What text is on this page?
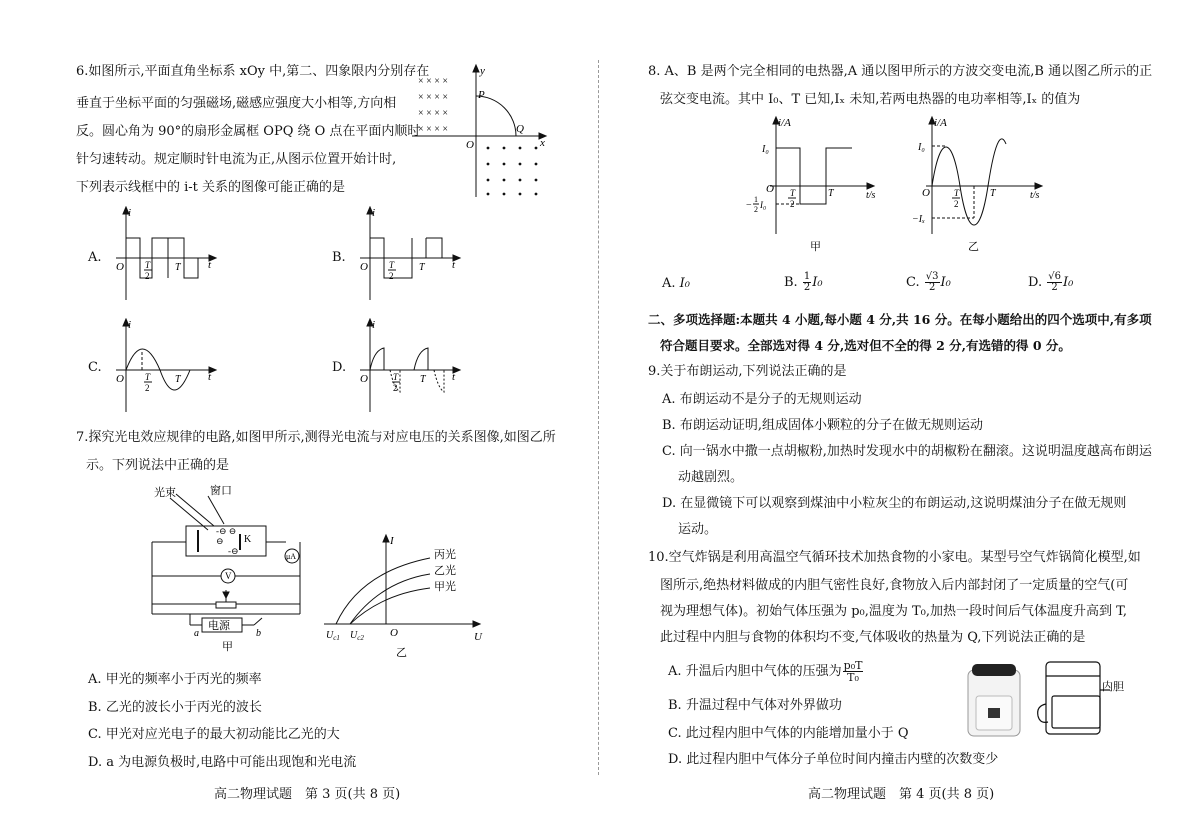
6.如图所示,平面直角坐标系 xOy 中,第二、四象限内分别存在
垂直于坐标平面的匀强磁场,磁感应强度大小相等,方向相
反。圆心角为 90°的扇形金属框 OPQ 绕 O 点在平面内顺时
针匀速转动。规定顺时针电流为正,从图示位置开始计时,
下列表示线框中的 i-t 关系的图像可能正确的是
× × × ×
× × × ×
× × × ×
× × × ×
y
x
O
P
Q
A.
i
O T
2
T t	B.
i
O T
2
T t
C.
i
O T
2
T t
D.
i
O	T
2
T t
7.探究光电效应规律的电路,如图甲所示,测得光电流与对应电压的关系图像,如图乙所
示。下列说法中正确的是
-⊖ ⊖
⊖
-⊖
光束	窗口
K
μA
V
电源
a	b
甲
I
U
O
$U_{c1}$ $U_{c2}$
丙光
乙光
甲光
乙
A. 甲光的频率小于丙光的频率
B. 乙光的波长小于丙光的波长
C. 甲光对应光电子的最大初动能比乙光的大
D. a 为电源负极时,电路中可能出现饱和光电流
高二物理试题　第 3 页(共 8 页)
8. A、B 是两个完全相同的电热器,A 通以图甲所示的方波交变电流,B 通以图乙所示的正
弦交变电流。其中 I₀、T 已知,Iₓ 未知,若两电热器的电功率相等,Iₓ 的值为
i/A
I₀
O
−
1
2 I₀
T
2
T	t/s
甲
i/A
I₀
O
−Iₓ
T
2
T	t/s
乙
A. I₀	B. $\frac{1}{2} I_0$	C. $\frac{√3}{2} I_0$	D. $\frac{√6}{2} I_0$
二、多项选择题:本题共 4 小题,每小题 4 分,共 16 分。在每小题给出的四个选项中,有多项
符合题目要求。全部选对得 4 分,选对但不全的得 2 分,有选错的得 0 分。
9.关于布朗运动,下列说法正确的是
A. 布朗运动不是分子的无规则运动
B. 布朗运动证明,组成固体小颗粒的分子在做无规则运动
C. 向一锅水中撒一点胡椒粉,加热时发现水中的胡椒粉在翻滚。这说明温度越高布朗运
动越剧烈。
D. 在显微镜下可以观察到煤油中小粒灰尘的布朗运动,这说明煤油分子在做无规则
运动。
10.空气炸锅是利用高温空气循环技术加热食物的小家电。某型号空气炸锅简化模型,如
图所示,绝热材料做成的内胆气密性良好,食物放入后内部封闭了一定质量的空气(可
视为理想气体)。初始气体压强为 p₀,温度为 T₀,加热一段时间后气体温度升高到 T,
此过程中内胆与食物的体积均不变,气体吸收的热量为 Q,下列说法正确的是
A. 升温后内胆中气体的压强为 $\frac{\text{p₀T}}{\text{T₀}}$
B. 升温过程中气体对外界做功
C. 此过程内胆中气体的内能增加量小于 Q
D. 此过程内胆中气体分子单位时间内撞击内壁的次数变少
内胆
高二物理试题　第 4 页(共 8 页)
